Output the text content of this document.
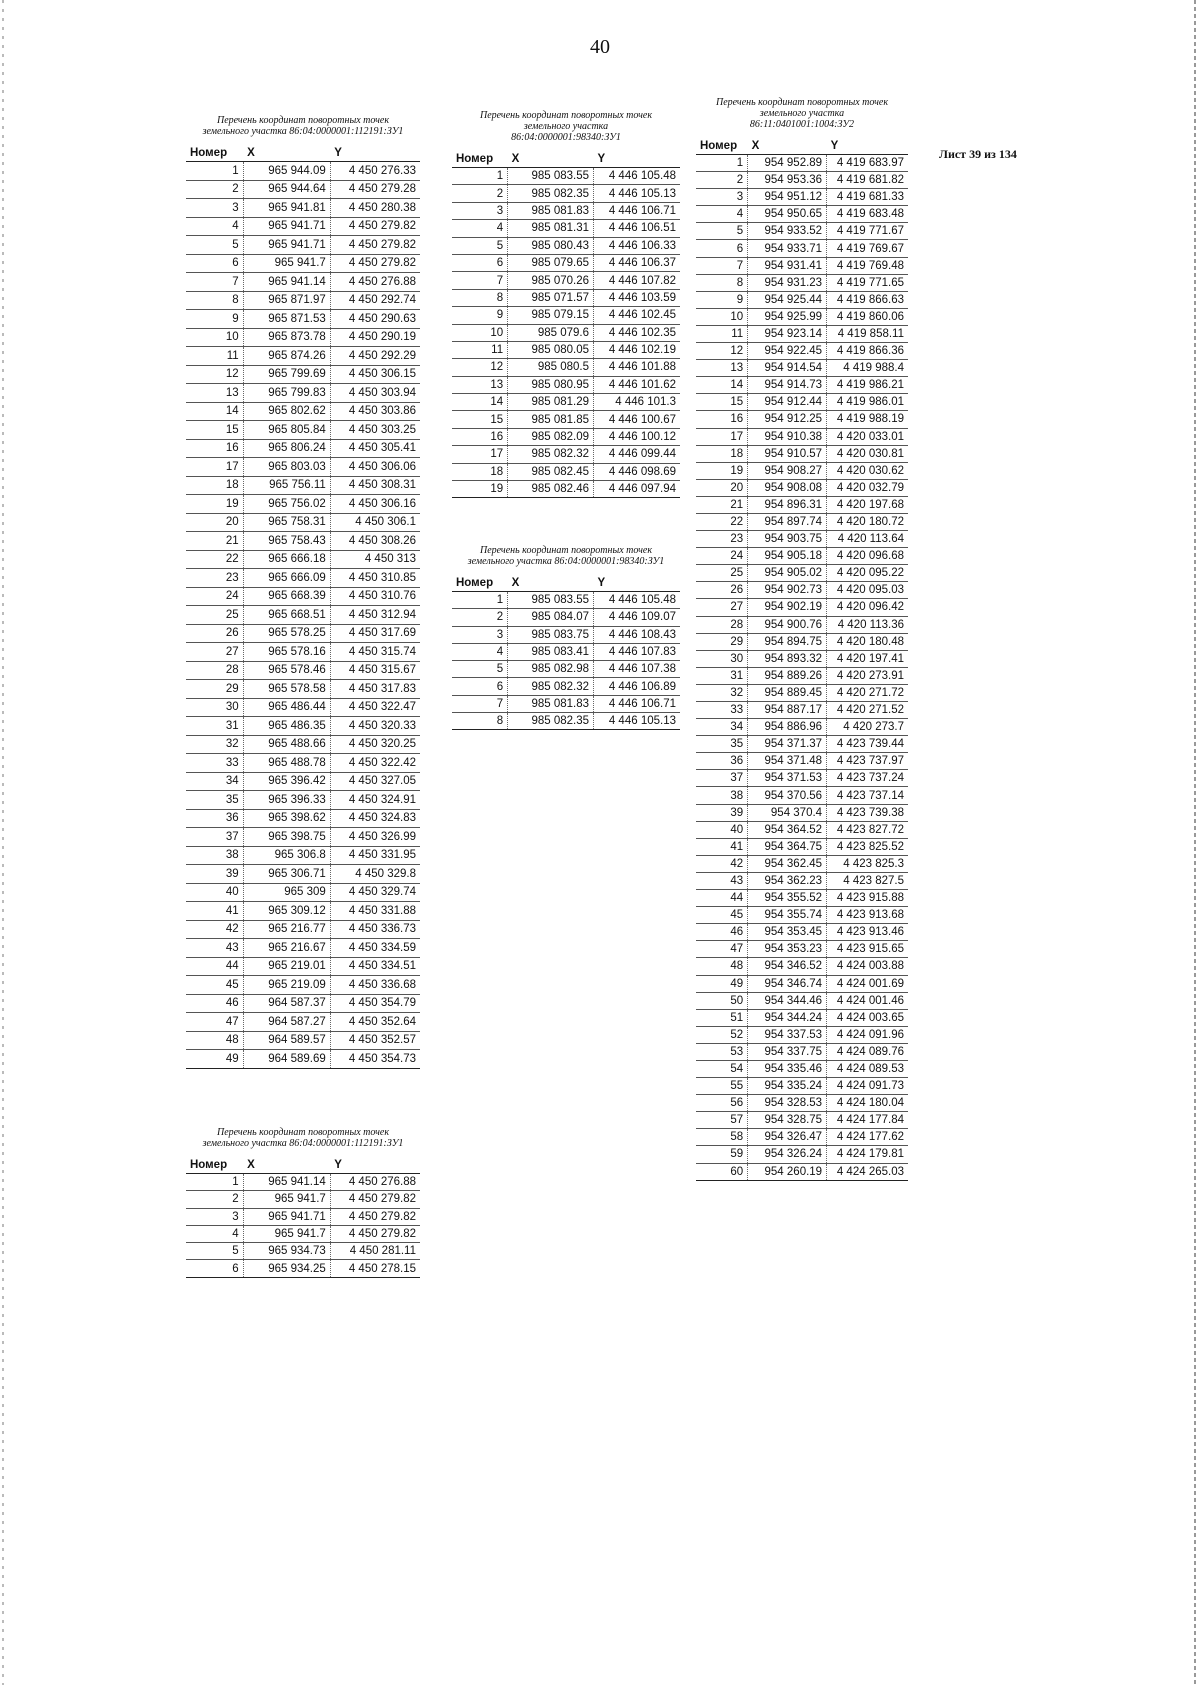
40
Лист 39 из 134
Перечень координат поворотных точек
земельного участка 86:04:0000001:112191:ЗУ1
Номер	X	Y
1	965 944.09	4 450 276.33
2	965 944.64	4 450 279.28
3	965 941.81	4 450 280.38
4	965 941.71	4 450 279.82
5	965 941.71	4 450 279.82
6	965 941.7	4 450 279.82
7	965 941.14	4 450 276.88
8	965 871.97	4 450 292.74
9	965 871.53	4 450 290.63
10	965 873.78	4 450 290.19
11	965 874.26	4 450 292.29
12	965 799.69	4 450 306.15
13	965 799.83	4 450 303.94
14	965 802.62	4 450 303.86
15	965 805.84	4 450 303.25
16	965 806.24	4 450 305.41
17	965 803.03	4 450 306.06
18	965 756.11	4 450 308.31
19	965 756.02	4 450 306.16
20	965 758.31	4 450 306.1
21	965 758.43	4 450 308.26
22	965 666.18	4 450 313
23	965 666.09	4 450 310.85
24	965 668.39	4 450 310.76
25	965 668.51	4 450 312.94
26	965 578.25	4 450 317.69
27	965 578.16	4 450 315.74
28	965 578.46	4 450 315.67
29	965 578.58	4 450 317.83
30	965 486.44	4 450 322.47
31	965 486.35	4 450 320.33
32	965 488.66	4 450 320.25
33	965 488.78	4 450 322.42
34	965 396.42	4 450 327.05
35	965 396.33	4 450 324.91
36	965 398.62	4 450 324.83
37	965 398.75	4 450 326.99
38	965 306.8	4 450 331.95
39	965 306.71	4 450 329.8
40	965 309	4 450 329.74
41	965 309.12	4 450 331.88
42	965 216.77	4 450 336.73
43	965 216.67	4 450 334.59
44	965 219.01	4 450 334.51
45	965 219.09	4 450 336.68
46	964 587.37	4 450 354.79
47	964 587.27	4 450 352.64
48	964 589.57	4 450 352.57
49	964 589.69	4 450 354.73
Перечень координат поворотных точек
земельного участка 86:04:0000001:112191:ЗУ1
Номер	X	Y
1	965 941.14	4 450 276.88
2	965 941.7	4 450 279.82
3	965 941.71	4 450 279.82
4	965 941.7	4 450 279.82
5	965 934.73	4 450 281.11
6	965 934.25	4 450 278.15
Перечень координат поворотных точек
земельного участка
86:04:0000001:98340:ЗУ1
Номер	X	Y
1	985 083.55	4 446 105.48
2	985 082.35	4 446 105.13
3	985 081.83	4 446 106.71
4	985 081.31	4 446 106.51
5	985 080.43	4 446 106.33
6	985 079.65	4 446 106.37
7	985 070.26	4 446 107.82
8	985 071.57	4 446 103.59
9	985 079.15	4 446 102.45
10	985 079.6	4 446 102.35
11	985 080.05	4 446 102.19
12	985 080.5	4 446 101.88
13	985 080.95	4 446 101.62
14	985 081.29	4 446 101.3
15	985 081.85	4 446 100.67
16	985 082.09	4 446 100.12
17	985 082.32	4 446 099.44
18	985 082.45	4 446 098.69
19	985 082.46	4 446 097.94
Перечень координат поворотных точек
земельного участка 86:04:0000001:98340:ЗУ1
Номер	X	Y
1	985 083.55	4 446 105.48
2	985 084.07	4 446 109.07
3	985 083.75	4 446 108.43
4	985 083.41	4 446 107.83
5	985 082.98	4 446 107.38
6	985 082.32	4 446 106.89
7	985 081.83	4 446 106.71
8	985 082.35	4 446 105.13
Перечень координат поворотных точек
земельного участка
86:11:0401001:1004:ЗУ2
Номер	X	Y
1	954 952.89	4 419 683.97
2	954 953.36	4 419 681.82
3	954 951.12	4 419 681.33
4	954 950.65	4 419 683.48
5	954 933.52	4 419 771.67
6	954 933.71	4 419 769.67
7	954 931.41	4 419 769.48
8	954 931.23	4 419 771.65
9	954 925.44	4 419 866.63
10	954 925.99	4 419 860.06
11	954 923.14	4 419 858.11
12	954 922.45	4 419 866.36
13	954 914.54	4 419 988.4
14	954 914.73	4 419 986.21
15	954 912.44	4 419 986.01
16	954 912.25	4 419 988.19
17	954 910.38	4 420 033.01
18	954 910.57	4 420 030.81
19	954 908.27	4 420 030.62
20	954 908.08	4 420 032.79
21	954 896.31	4 420 197.68
22	954 897.74	4 420 180.72
23	954 903.75	4 420 113.64
24	954 905.18	4 420 096.68
25	954 905.02	4 420 095.22
26	954 902.73	4 420 095.03
27	954 902.19	4 420 096.42
28	954 900.76	4 420 113.36
29	954 894.75	4 420 180.48
30	954 893.32	4 420 197.41
31	954 889.26	4 420 273.91
32	954 889.45	4 420 271.72
33	954 887.17	4 420 271.52
34	954 886.96	4 420 273.7
35	954 371.37	4 423 739.44
36	954 371.48	4 423 737.97
37	954 371.53	4 423 737.24
38	954 370.56	4 423 737.14
39	954 370.4	4 423 739.38
40	954 364.52	4 423 827.72
41	954 364.75	4 423 825.52
42	954 362.45	4 423 825.3
43	954 362.23	4 423 827.5
44	954 355.52	4 423 915.88
45	954 355.74	4 423 913.68
46	954 353.45	4 423 913.46
47	954 353.23	4 423 915.65
48	954 346.52	4 424 003.88
49	954 346.74	4 424 001.69
50	954 344.46	4 424 001.46
51	954 344.24	4 424 003.65
52	954 337.53	4 424 091.96
53	954 337.75	4 424 089.76
54	954 335.46	4 424 089.53
55	954 335.24	4 424 091.73
56	954 328.53	4 424 180.04
57	954 328.75	4 424 177.84
58	954 326.47	4 424 177.62
59	954 326.24	4 424 179.81
60	954 260.19	4 424 265.03
